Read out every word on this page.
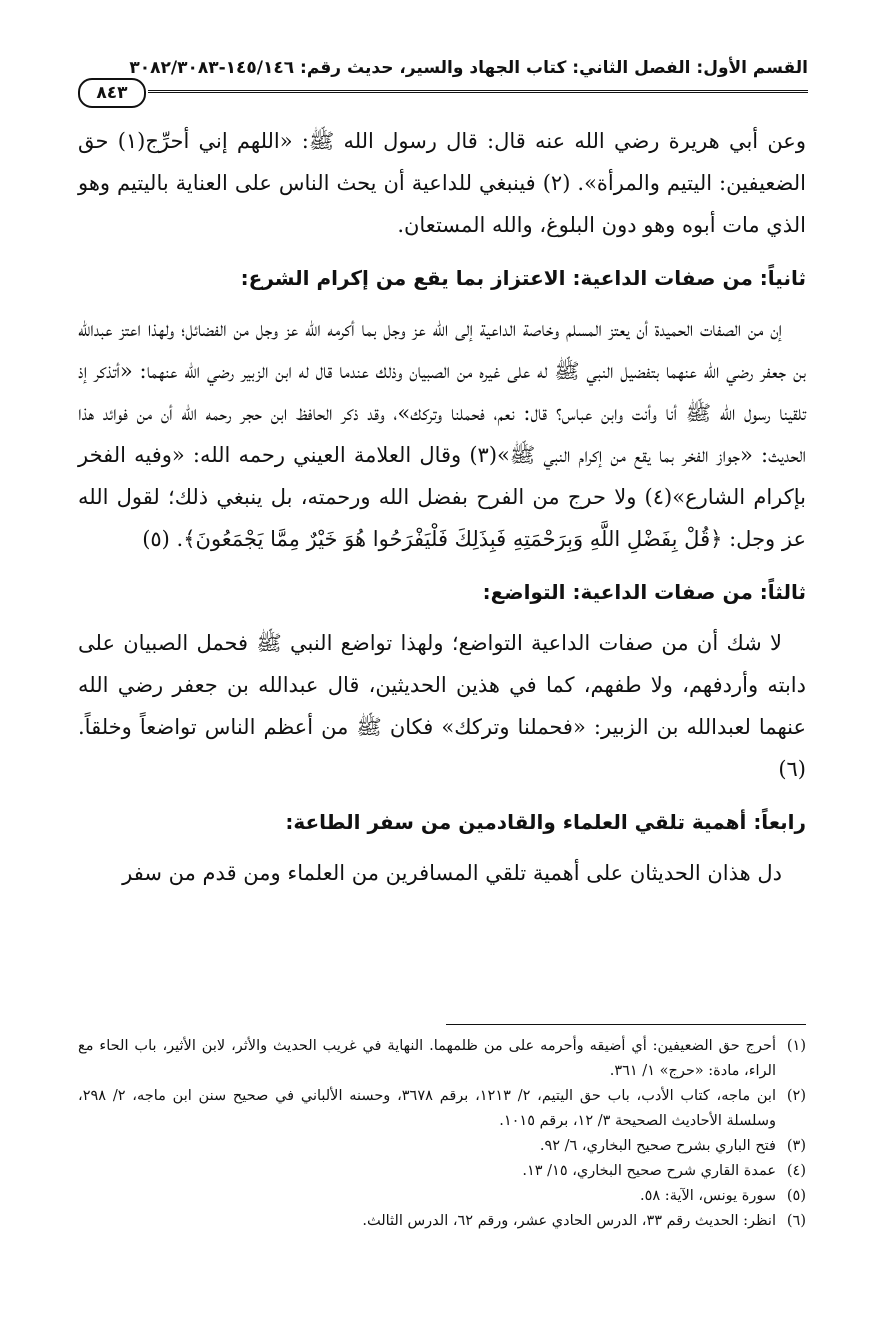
القسم الأول: الفصل الثاني: كتاب الجهاد والسير، حديث رقم: ١٤٥/١٤٦-٣٠٨٢/٣٠٨٣
٨٤٣

وعن أبي هريرة رضي الله عنه قال: قال رسول الله ﷺ: «اللهم إني أحرِّج(١) حق الضعيفين: اليتيم والمرأة». (٢) فينبغي للداعية أن يحث الناس على العناية باليتيم وهو الذي مات أبوه وهو دون البلوغ، والله المستعان.

ثانياً: من صفات الداعية: الاعتزاز بما يقع من إكرام الشرع:

إن من الصفات الحميدة أن يعتز المسلم وخاصة الداعية إلى الله عز وجل بما أكرمه الله عز وجل من الفضائل؛ ولهذا اعتز عبدالله بن جعفر رضي الله عنهما بتفضيل النبي ﷺ له على غيره من الصبيان وذلك عندما قال له ابن الزبير رضي الله عنهما: «أتذكر إذ تلقينا رسول الله ﷺ أنا وأنت وابن عباس؟ قال: نعم، فحملنا وتركك»، وقد ذكر الحافظ ابن حجر رحمه الله أن من فوائد هذا الحديث: «جواز الفخر بما يقع من إكرام النبي ﷺ»(٣) وقال العلامة العيني رحمه الله: «وفيه الفخر بإكرام الشارع»(٤) ولا حرج من الفرح بفضل الله ورحمته، بل ينبغي ذلك؛ لقول الله عز وجل: ﴿قُلْ بِفَضْلِ اللَّهِ وَبِرَحْمَتِهِ فَبِذَلِكَ فَلْيَفْرَحُوا هُوَ خَيْرٌ مِمَّا يَجْمَعُونَ﴾. (٥)

ثالثاً: من صفات الداعية: التواضع:

لا شك أن من صفات الداعية التواضع؛ ولهذا تواضع النبي ﷺ فحمل الصبيان على دابته وأردفهم، ولا طفهم، كما في هذين الحديثين، قال عبدالله بن جعفر رضي الله عنهما لعبدالله بن الزبير: «فحملنا وتركك» فكان ﷺ من أعظم الناس تواضعاً وخلقاً. (٦)

رابعاً: أهمية تلقي العلماء والقادمين من سفر الطاعة:

دل هذان الحديثان على أهمية تلقي المسافرين من العلماء ومن قدم من سفر

(١)
أحرج حق الضعيفين: أي أضيقه وأحرمه على من ظلمهما. النهاية في غريب الحديث والأثر، لابن الأثير، باب الحاء مع الراء، مادة: «حرج» ١/ ٣٦١.

(٢)
ابن ماجه، كتاب الأدب، باب حق اليتيم، ٢/ ١٢١٣، برقم ٣٦٧٨، وحسنه الألباني في صحيح سنن ابن ماجه، ٢/ ٢٩٨، وسلسلة الأحاديث الصحيحة ٣/ ١٢، برقم ١٠١٥.

(٣)
فتح الباري بشرح صحيح البخاري، ٦/ ٩٢.

(٤)
عمدة القاري شرح صحيح البخاري، ١٥/ ١٣.

(٥)
سورة يونس، الآية: ٥٨.

(٦)
انظر: الحديث رقم ٣٣، الدرس الحادي عشر، ورقم ٦٢، الدرس الثالث.
